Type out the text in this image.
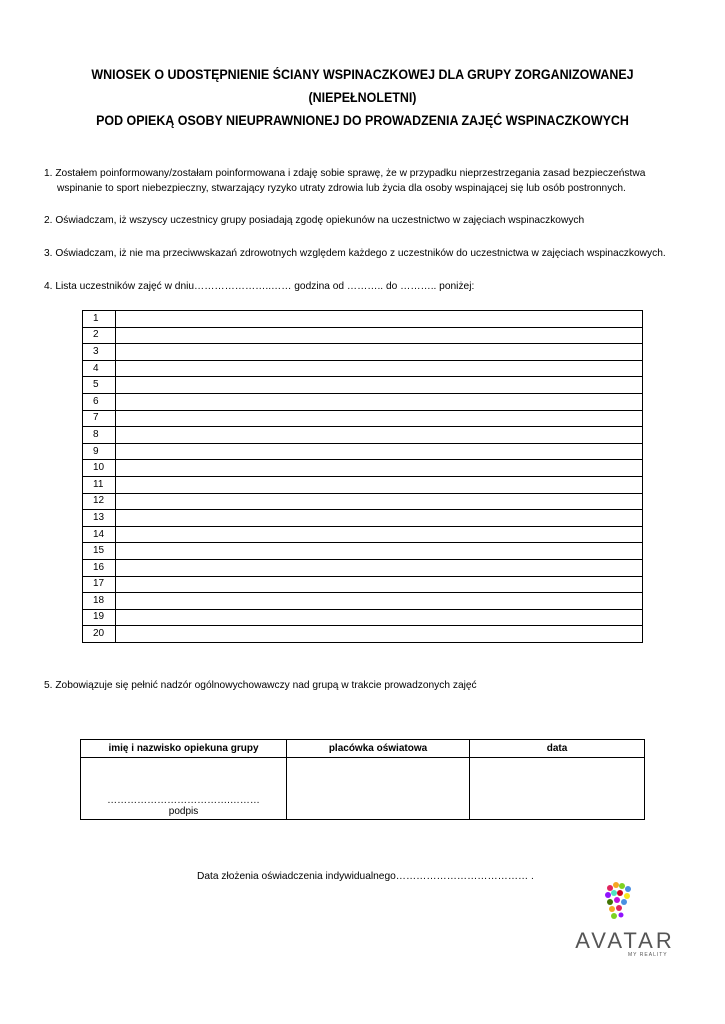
WNIOSEK O UDOSTĘPNIENIE ŚCIANY WSPINACZKOWEJ DLA GRUPY ZORGANIZOWANEJ
(NIEPEŁNOLETNI)
POD OPIEKĄ OSOBY NIEUPRAWNIONEJ DO PROWADZENIA ZAJĘĆ WSPINACZKOWYCH
1. Zostałem poinformowany/zostałam poinformowana i zdaję sobie sprawę, że w przypadku nieprzestrzegania zasad bezpieczeństwa
wspinanie to sport niebezpieczny, stwarzający ryzyko utraty zdrowia lub życia dla osoby wspinającej się lub osób postronnych.
2. Oświadczam, iż wszyscy uczestnicy grupy posiadają zgodę opiekunów na uczestnictwo w zajęciach wspinaczkowych
3. Oświadczam, iż nie ma przeciwwskazań zdrowotnych względem każdego z uczestników do uczestnictwa w zajęciach wspinaczkowych.
4. Lista uczestników zajęć w dniu…………………..…… godzina od ……….. do ……….. poniżej:
1	
2	
3	
4	
5	
6	
7	
8	
9	
10	
11	
12	
13	
14	
15	
16	
17	
18	
19	
20	
5. Zobowiązuje się pełnić nadzór ogólnowychowawczy nad grupą w trakcie prowadzonych zajęć
imię i nazwisko opiekuna grupy	placówka oświatowa	data

……………………………….………
podpis		

Data złożenia oświadczenia indywidualnego………………………………… .
AVATAR
MY REALITY
